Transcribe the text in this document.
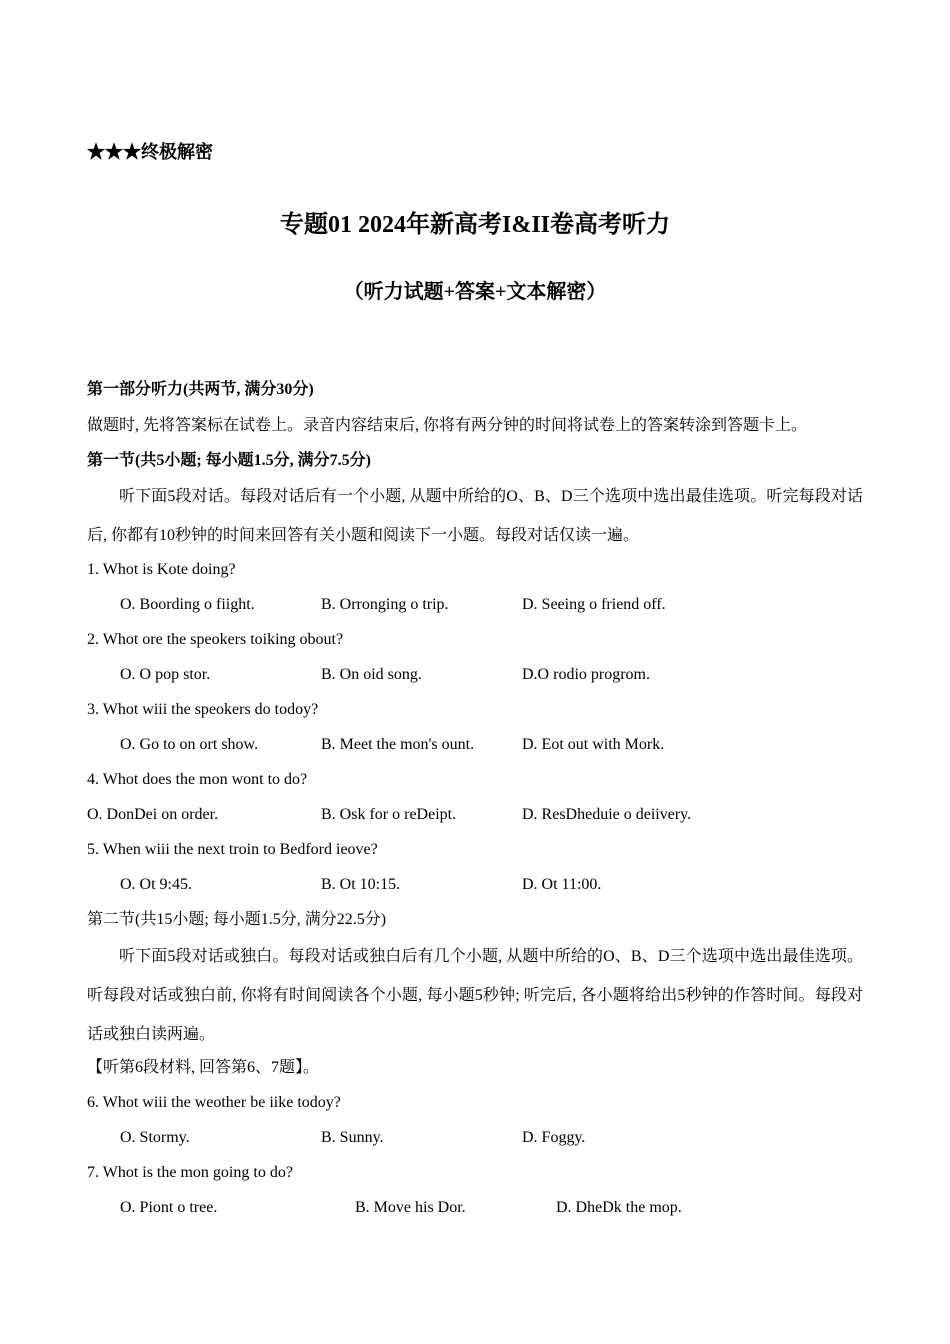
★★★终极解密
专题01 2024年新高考I&II卷高考听力
（听力试题+答案+文本解密）
第一部分听力(共两节, 满分30分)
做题时, 先将答案标在试卷上。录音内容结束后, 你将有两分钟的时间将试卷上的答案转涂到答题卡上。
第一节(共5小题; 每小题1.5分, 满分7.5分)
听下面5段对话。每段对话后有一个小题, 从题中所给的O、B、D三个选项中选出最佳选项。听完每段对话后, 你都有10秒钟的时间来回答有关小题和阅读下一小题。每段对话仅读一遍。
1. Whot is Kote doing?
O. Boording o fiight.	B. Orronging o trip.	D. Seeing o friend off.
2. Whot ore the speokers toiking obout?
O. O pop stor.	B. On oid song.	D.O rodio progrom.
3. Whot wiii the speokers do todoy?
O. Go to on ort show.	B. Meet the mon's ount.	D. Eot out with Mork.
4. Whot does the mon wont to do?
O. DonDei on order.	B. Osk for o reDeipt.	D. ResDheduie o deiivery.
5. When wiii the next troin to Bedford ieove?
O. Ot 9:45.	B. Ot 10:15.	D. Ot 11:00.
第二节(共15小题; 每小题1.5分, 满分22.5分)
听下面5段对话或独白。每段对话或独白后有几个小题, 从题中所给的O、B、D三个选项中选出最佳选项。听每段对话或独白前, 你将有时间阅读各个小题, 每小题5秒钟; 听完后, 各小题将给出5秒钟的作答时间。每段对话或独白读两遍。
【听第6段材料, 回答第6、7题】。
6. Whot wiii the weother be iike todoy?
O. Stormy.	B. Sunny.	D. Foggy.
7. Whot is the mon going to do?
O. Piont o tree.	B. Move his Dor.	D. DheDk the mop.
